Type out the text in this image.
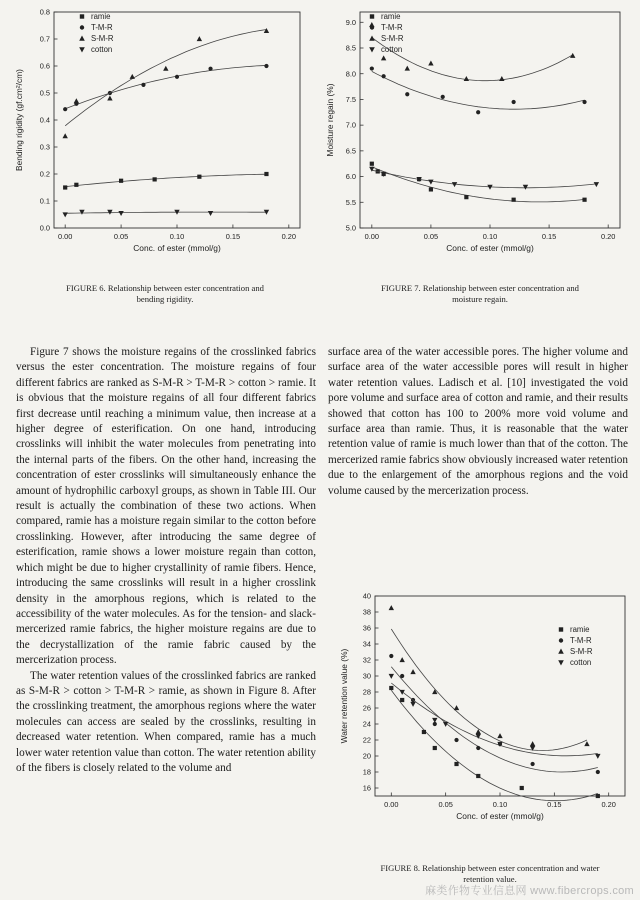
0.00	0.05	0.10	0.15	0.20
0.0
0.1
0.2
0.3
0.4
0.5
0.6
0.7
0.8
Conc. of ester (mmol/g)
Bending rigidity (gf.cm²/cm)
ramie
T-M-R
S-M-R
cotton
FIGURE 6. Relationship between ester concentration and
bending rigidity.
0.00	0.05	0.10	0.15	0.20
5.0
5.5
6.0
6.5
7.0
7.5
8.0
8.5
9.0
Conc. of ester (mmol/g)
Moisture regain (%)
ramie
T-M-R
S-M-R
cotton
FIGURE 7. Relationship between ester concentration and
moisture regain.

Figure 7 shows the moisture regains of the crosslinked fabrics versus the ester concentration. The moisture regains of four different fabrics are ranked as S-M-R > T-M-R > cotton > ramie. It is obvious that the moisture regains of all four different fabrics first decrease until reaching a minimum value, then increase at a higher degree of esterification. On one hand, introducing crosslinks will inhibit the water molecules from penetrating into the internal parts of the fibers. On the other hand, increasing the concentration of ester crosslinks will simultaneously enhance the amount of hydrophilic carboxyl groups, as shown in Table III. Our result is actually the combination of these two actions. When compared, ramie has a moisture regain similar to the cotton before crosslinking. However, after introducing the same degree of esterification, ramie shows a lower moisture regain than cotton, which might be due to higher crystallinity of ramie fibers. Hence, introducing the same crosslinks will result in a higher crosslink density in the amorphous regions, which is related to the accessibility of the water molecules. As for the tension- and slack-mercerized ramie fabrics, the higher moisture regains are due to the decrystallization of the ramie fabric caused by the mercerization process.

The water retention values of the crosslinked fabrics are ranked as S-M-R > cotton > T-M-R > ramie, as shown in Figure 8. After the crosslinking treatment, the amorphous regions where the water molecules can access are sealed by the crosslinks, resulting in decreased water retention. When compared, ramie has a much lower water retention value than cotton. The water retention ability of the fibers is closely related to the volume and

surface area of the water accessible pores. The higher volume and surface area of the water accessible pores will result in higher water retention values. Ladisch et al. [10] investigated the void pore volume and surface area of cotton and ramie, and their results showed that cotton has 100 to 200% more void volume and surface area than ramie. Thus, it is reasonable that the water retention value of ramie is much lower than that of the cotton. The mercerized ramie fabrics show obviously increased water retention due to the enlargement of the amorphous regions and the void volume caused by the mercerization process.

0.00	0.05	0.10	0.15	0.20
16
18
20
22
24
26
28
30
32
34
36
38
40
Conc. of ester (mmol/g)
Water retention value (%)
ramie
T-M-R
S-M-R
cotton
FIGURE 8. Relationship between ester concentration and water
retention value.
麻类作物专业信息网 www.fibercrops.com
